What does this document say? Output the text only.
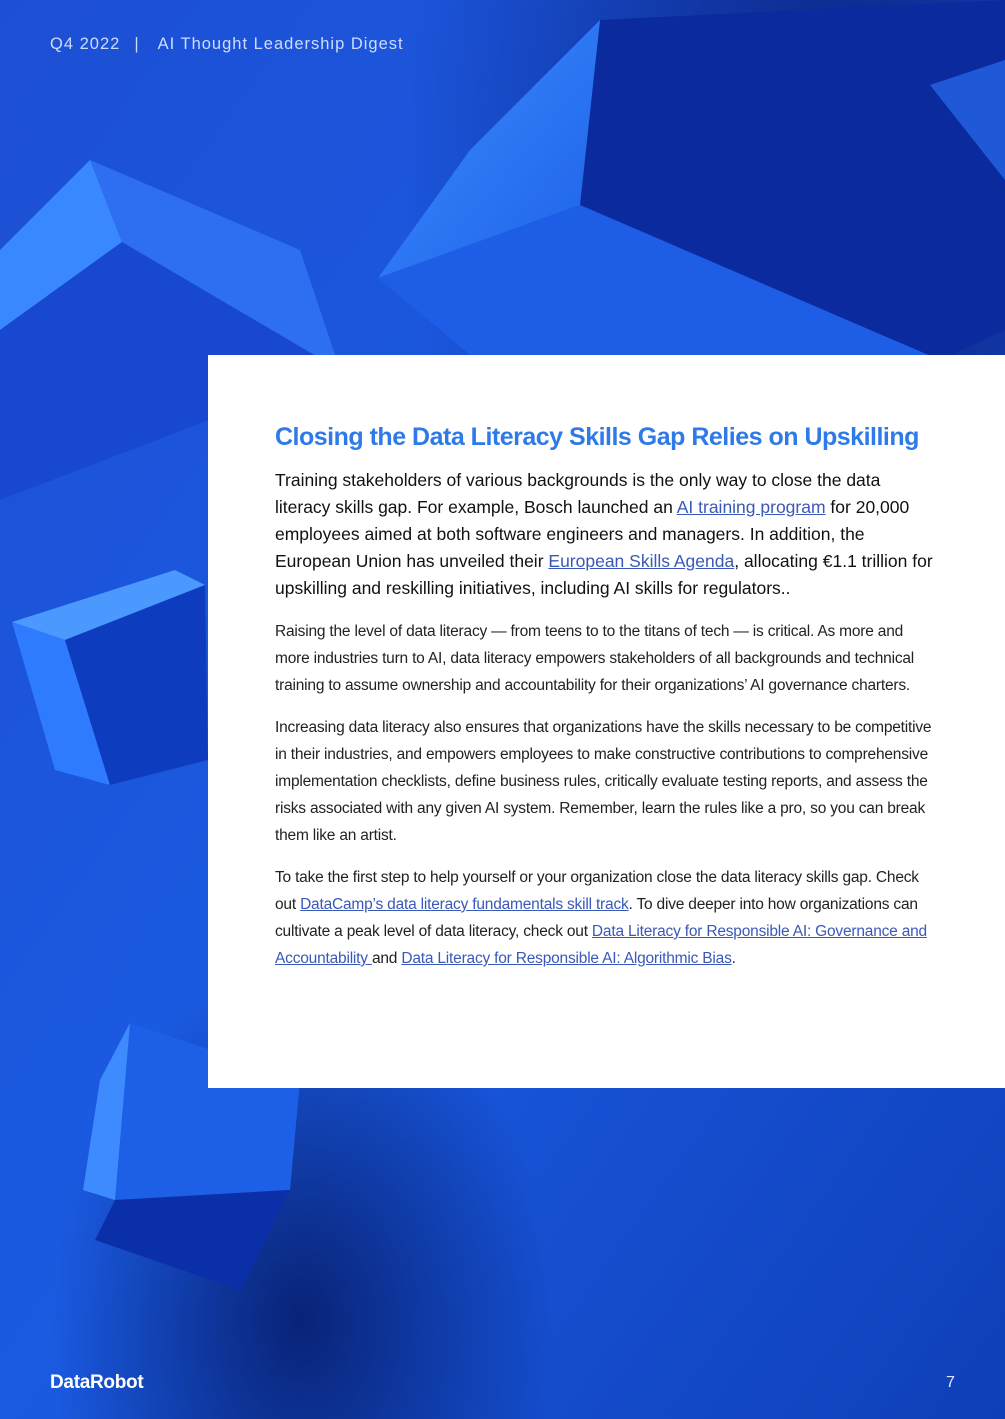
Q4 2022 | AI Thought Leadership Digest
Closing the Data Literacy Skills Gap Relies on Upskilling

Training stakeholders of various backgrounds is the only way to close the data literacy skills gap. For example, Bosch launched an AI training program for 20,000 employees aimed at both software engineers and managers. In addition, the European Union has unveiled their European Skills Agenda, allocating €1.1 trillion for upskilling and reskilling initiatives, including AI skills for regulators..

Raising the level of data literacy — from teens to to the titans of tech — is critical. As more and more industries turn to AI, data literacy empowers stakeholders of all backgrounds and technical training to assume ownership and accountability for their organizations’ AI governance charters.

Increasing data literacy also ensures that organizations have the skills necessary to be competitive in their industries, and empowers employees to make constructive contributions to comprehensive implementation checklists, define business rules, critically evaluate testing reports, and assess the risks associated with any given AI system. Remember, learn the rules like a pro, so you can break them like an artist.

To take the first step to help yourself or your organization close the data literacy skills gap. Check out DataCamp’s data literacy fundamentals skill track. To dive deeper into how organizations can cultivate a peak level of data literacy, check out Data Literacy for Responsible AI: Governance and Accountability and Data Literacy for Responsible AI: Algorithmic Bias.

DataRobot	7
